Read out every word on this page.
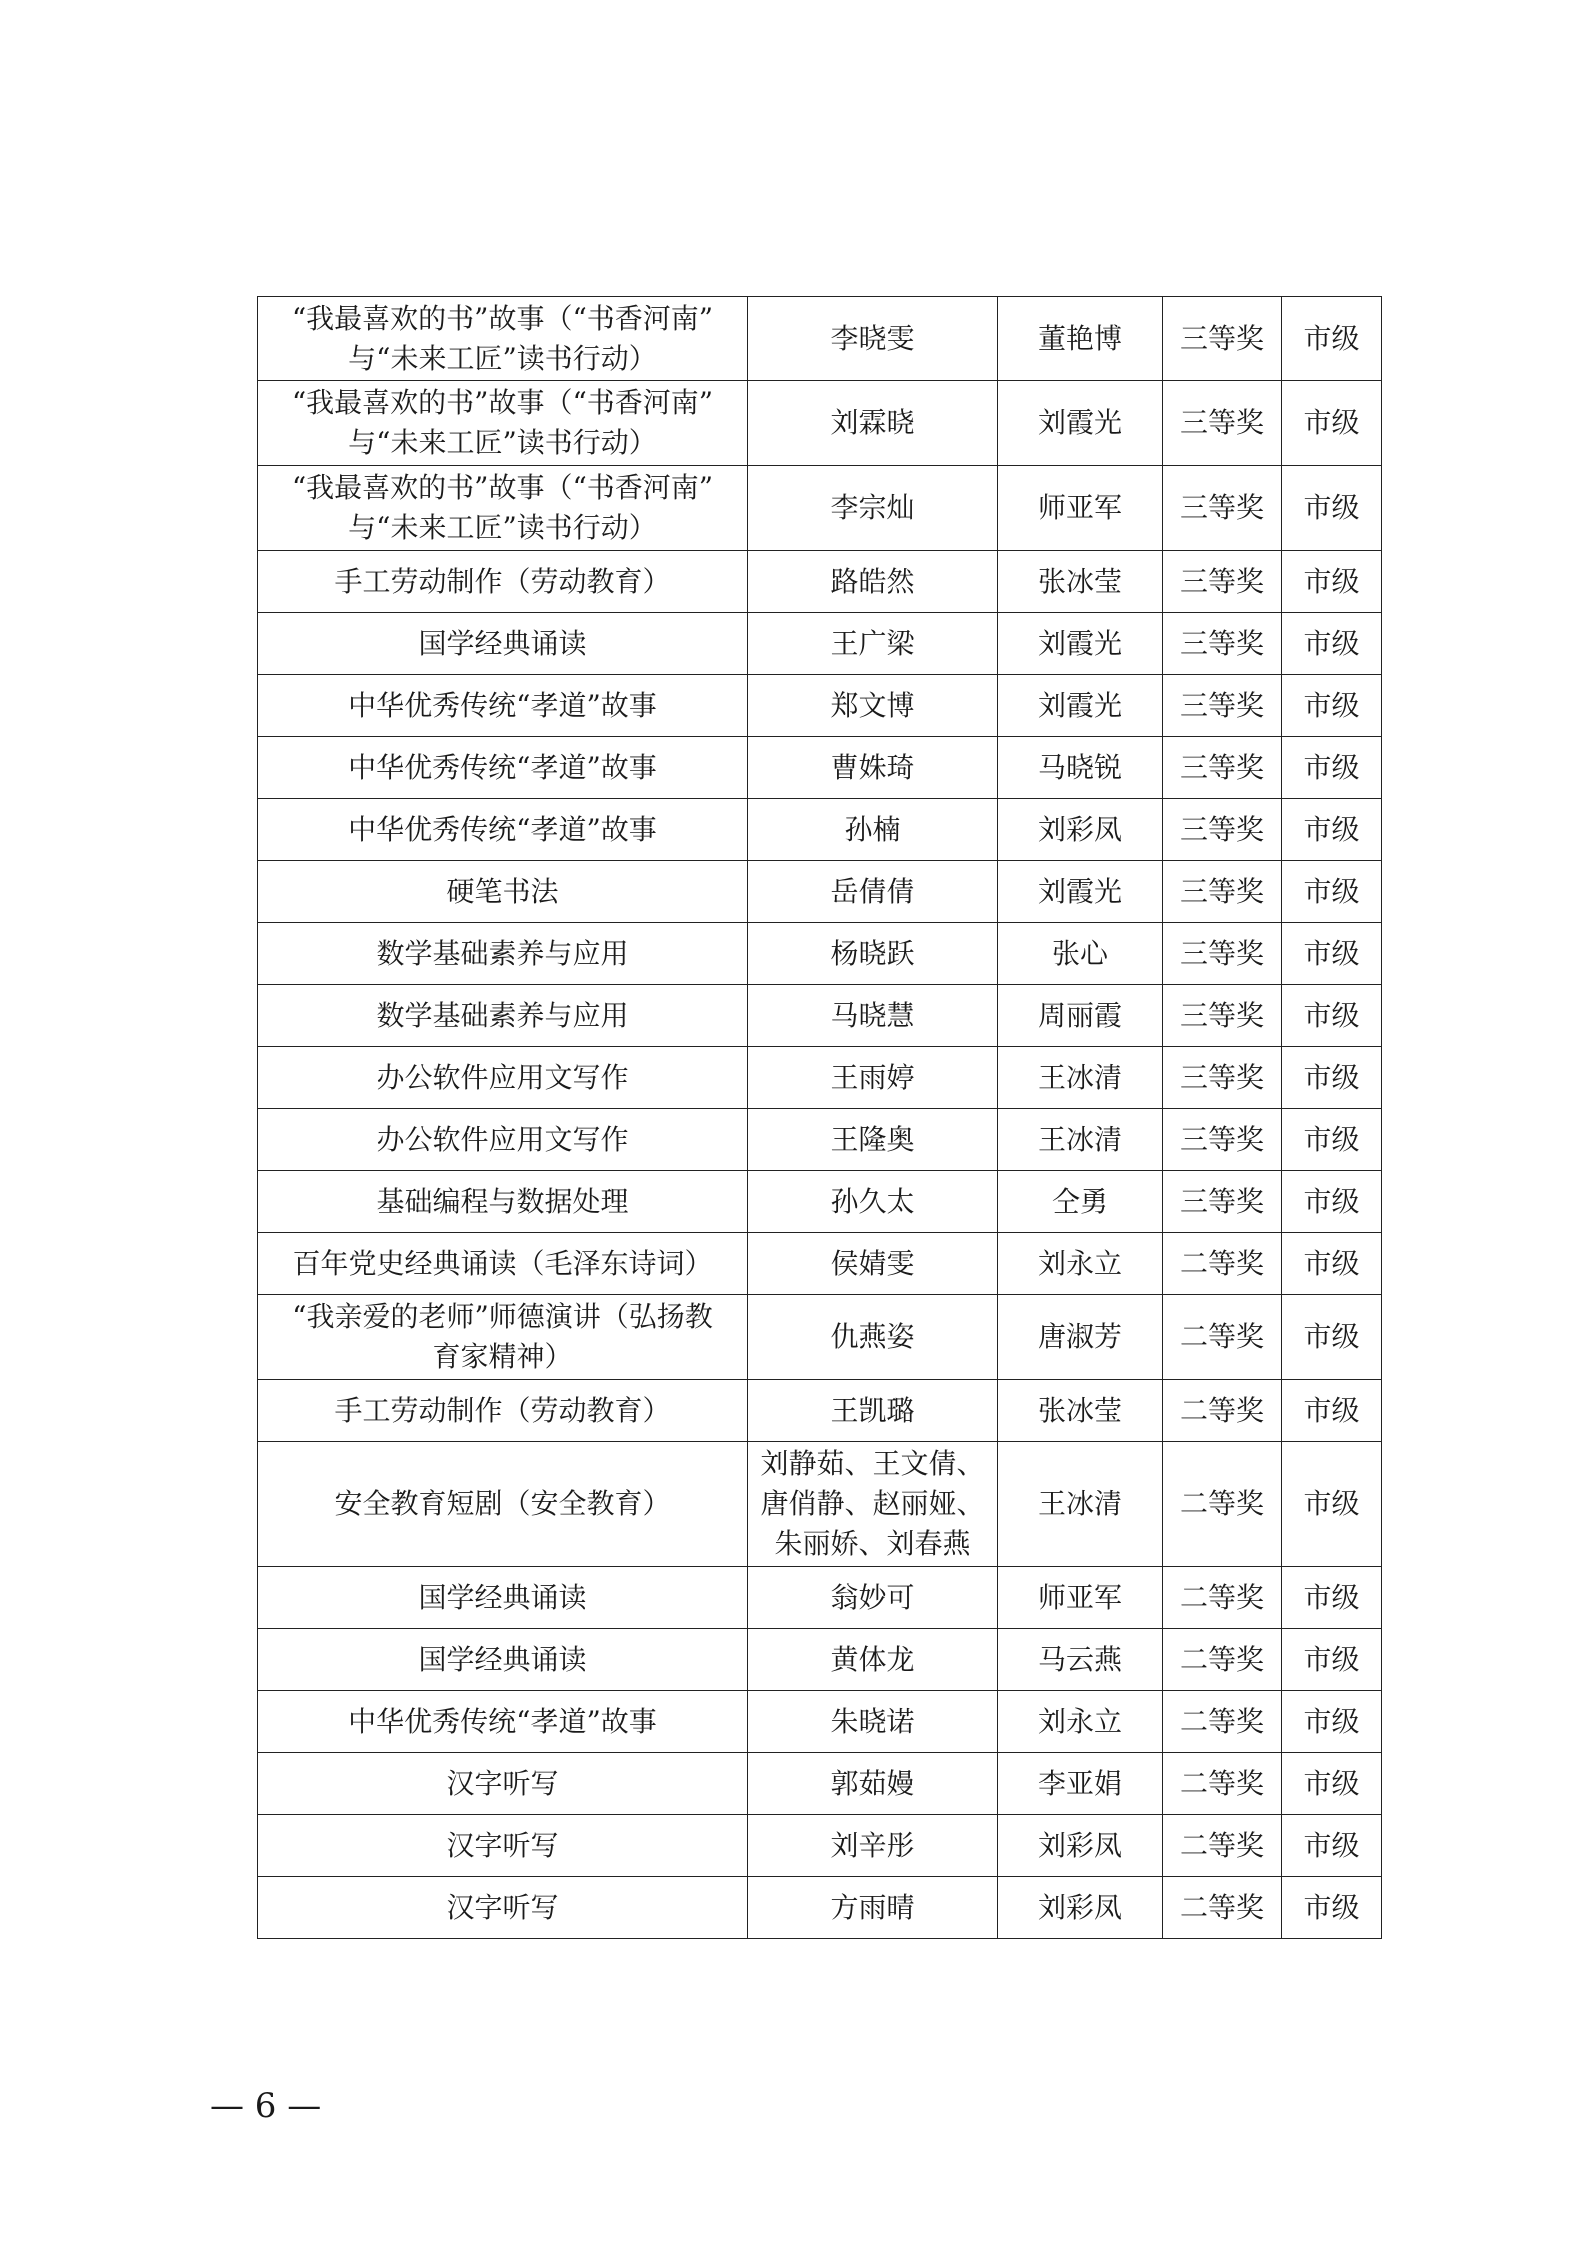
“我最喜欢的书”故事（“书香河南”
与“未来工匠”读书行动）	李晓雯	董艳博	三等奖	市级

“我最喜欢的书”故事（“书香河南”
与“未来工匠”读书行动）	刘霖晓	刘霞光	三等奖	市级

“我最喜欢的书”故事（“书香河南”
与“未来工匠”读书行动）	李宗灿	师亚军	三等奖	市级

手工劳动制作（劳动教育）	路皓然	张冰莹	三等奖	市级

国学经典诵读	王广梁	刘霞光	三等奖	市级

中华优秀传统“孝道”故事	郑文博	刘霞光	三等奖	市级

中华优秀传统“孝道”故事	曹姝琦	马晓锐	三等奖	市级

中华优秀传统“孝道”故事	孙楠	刘彩凤	三等奖	市级

硬笔书法	岳倩倩	刘霞光	三等奖	市级

数学基础素养与应用	杨晓跃	张心	三等奖	市级

数学基础素养与应用	马晓慧	周丽霞	三等奖	市级

办公软件应用文写作	王雨婷	王冰清	三等奖	市级

办公软件应用文写作	王隆奥	王冰清	三等奖	市级

基础编程与数据处理	孙久太	仝勇	三等奖	市级

百年党史经典诵读（毛泽东诗词）	侯婧雯	刘永立	二等奖	市级

“我亲爱的老师”师德演讲（弘扬教
育家精神）	仇燕姿	唐淑芳	二等奖	市级

手工劳动制作（劳动教育）	王凯璐	张冰莹	二等奖	市级

安全教育短剧（安全教育）	刘静茹、王文倩、
唐俏静、赵丽娅、
朱丽娇、刘春燕	王冰清	二等奖	市级

国学经典诵读	翁妙可	师亚军	二等奖	市级

国学经典诵读	黄体龙	马云燕	二等奖	市级

中华优秀传统“孝道”故事	朱晓诺	刘永立	二等奖	市级

汉字听写	郭茹嫚	李亚娟	二等奖	市级

汉字听写	刘辛彤	刘彩凤	二等奖	市级

汉字听写	方雨晴	刘彩凤	二等奖	市级
— 6 —
